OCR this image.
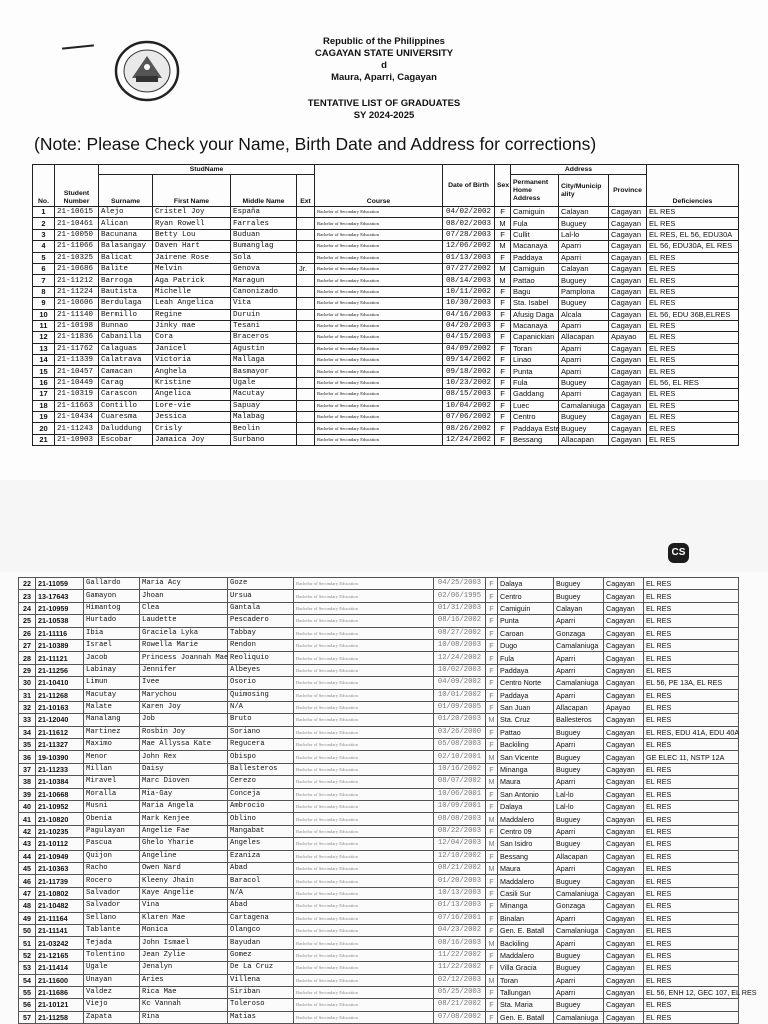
Republic of the Philippines
CAGAYAN STATE UNIVERSITY
d
Maura, Aparri, Cagayan
TENTATIVE LIST OF GRADUATES
SY 2024-2025
(Note: Please Check your Name, Birth Date and Address for corrections)
No.	Student Number	StudName				Course	Date of Birth	Sex	Address			Deficiencies
		Surname	First Name	Middle Name	Ext				Permanent Home Address	City/Municip ality	Province	

1	21-10615	Alejo	Cristel Joy	España		Bachelor of Secondary Education	04/02/2002	F	Camiguin	Calayan	Cagayan	EL RES
2	21-10461	Alican	Ryan Rowell	Farrales		Bachelor of Secondary Education	08/02/2003	M	Fula	Buguey	Cagayan	EL RES
3	21-10050	Bacunana	Betty Lou	Buduan		Bachelor of Secondary Education	07/28/2003	F	Cullit	Lal-lo	Cagayan	EL RES, EL 56, EDU30A
4	21-11066	Balasangay	Daven Hart	Bumanglag		Bachelor of Secondary Education	12/06/2002	M	Macanaya	Aparri	Cagayan	EL 56, EDU30A, EL RES
5	21-10325	Balicat	Jairene Rose	Sola		Bachelor of Secondary Education	01/13/2003	F	Paddaya	Aparri	Cagayan	EL RES
6	21-10686	Balite	Melvin	Genova	Jr.	Bachelor of Secondary Education	07/27/2002	M	Camiguin	Calayan	Cagayan	EL RES
7	21-11212	Barroga	Aga Patrick	Maragun		Bachelor of Secondary Education	08/14/2003	M	Pattao	Buguey	Cagayan	EL RES
8	21-11224	Bautista	Michelle	Canonizado		Bachelor of Secondary Education	10/11/2002	F	Bagu	Pamplona	Cagayan	EL RES
9	21-10606	Berdulaga	Leah Angelica	Vita		Bachelor of Secondary Education	10/30/2003	F	Sta. Isabel	Buguey	Cagayan	EL RES
10	21-11140	Bermillo	Regine	Duruin		Bachelor of Secondary Education	04/16/2003	F	Afusig Daga	Alcala	Cagayan	EL 56, EDU 36B,ELRES
11	21-10198	Bunnao	Jinky mae	Tesani		Bachelor of Secondary Education	04/20/2003	F	Macanaya	Aparri	Cagayan	EL RES
12	21-11836	Cabanilla	Cora	Braceros		Bachelor of Secondary Education	04/15/2003	F	Capanickian	Allacapan	Apayao	EL RES
13	21-11762	Calaguas	Janicel	Agustin		Bachelor of Secondary Education	04/09/2002	F	Toran	Aparri	Cagayan	EL RES
14	21-11339	Calatrava	Victoria	Mallaga		Bachelor of Secondary Education	09/14/2002	F	Linao	Aparri	Cagayan	EL RES
15	21-10457	Camacan	Anghela	Basmayor		Bachelor of Secondary Education	09/18/2002	F	Punta	Aparri	Cagayan	EL RES
16	21-10449	Carag	Kristine	Ugale		Bachelor of Secondary Education	10/23/2002	F	Fula	Buguey	Cagayan	EL 56, EL RES
17	21-10319	Carascon	Angelica	Macutay		Bachelor of Secondary Education	08/15/2003	F	Gaddang	Aparri	Cagayan	EL RES
18	21-11663	Contillo	Lore-vie	Sapuay		Bachelor of Secondary Education	10/04/2002	F	Luec	Camalaniuga	Cagayan	EL RES
19	21-10434	Cuaresma	Jessica	Malabag		Bachelor of Secondary Education	07/06/2002	F	Centro	Buguey	Cagayan	EL RES
20	21-11243	Daluddung	Crisly	Beolin		Bachelor of Secondary Education	08/26/2002	F	Paddaya Este	Buguey	Cagayan	EL RES
21	21-10903	Escobar	Jamaica Joy	Surbano		Bachelor of Secondary Education	12/24/2002	F	Bessang	Allacapan	Cagayan	EL RES
CS
22	21-11059	Gallardo	Maria Acy	Goze	Bachelor of Secondary Education	04/25/2003	F	Dalaya	Buguey	Cagayan	EL RES
23	13-17643	Gamayon	Jhoan	Ursua	Bachelor of Secondary Education	02/06/1995	F	Centro	Buguey	Cagayan	EL RES
24	21-10959	Himantog	Clea	Gantala	Bachelor of Secondary Education	01/31/2003	F	Camiguin	Calayan	Cagayan	EL RES
25	21-10538	Hurtado	Laudette	Pescadero	Bachelor of Secondary Education	08/16/2002	F	Punta	Aparri	Cagayan	EL RES
26	21-11116	Ibia	Graciela Lyka	Tabbay	Bachelor of Secondary Education	08/27/2002	F	Caroan	Gonzaga	Cagayan	EL RES
27	21-10389	Israel	Rowella Marie	Rendon	Bachelor of Secondary Education	10/08/2003	F	Dugo	Camalaniuga	Cagayan	EL RES
28	21-11121	Jacob	Princess Joannah Mae	Reoliquio	Bachelor of Secondary Education	12/24/2002	F	Fula	Aparri	Cagayan	EL RES
29	21-11256	Labinay	Jennifer	Albeyes	Bachelor of Secondary Education	10/02/2003	F	Paddaya	Aparri	Cagayan	EL RES
30	21-10410	Limun	Ivee	Osorio	Bachelor of Secondary Education	04/09/2002	F	Centro Norte	Camalaniuga	Cagayan	EL 56, PE 13A, EL RES
31	21-11268	Macutay	Marychou	Quimosing	Bachelor of Secondary Education	10/01/2002	F	Paddaya	Aparri	Cagayan	EL RES
32	21-10163	Malate	Karen Joy	N/A	Bachelor of Secondary Education	01/09/2005	F	San Juan	Allacapan	Apayao	EL RES
33	21-12040	Manalang	Job	Bruto	Bachelor of Secondary Education	01/20/2003	M	Sta. Cruz	Ballesteros	Cagayan	EL RES
34	21-11612	Martinez	Rosbin Joy	Soriano	Bachelor of Secondary Education	03/26/2000	F	Pattao	Buguey	Cagayan	EL RES, EDU 41A, EDU 40A
35	21-11327	Maximo	Mae Allyssa Kate	Regucera	Bachelor of Secondary Education	05/08/2003	F	Backiling	Aparri	Cagayan	EL RES
36	19-10390	Menor	John Rex	Obispo	Bachelor of Secondary Education	02/10/2001	M	San Vicente	Buguey	Cagayan	GE ELEC 11, NSTP 12A
37	21-11233	Millan	Daisy	Ballesteros	Bachelor of Secondary Education	10/16/2002	F	Minanga	Buguey	Cagayan	EL RES
38	21-10384	Miravel	Marc Dioven	Cerezo	Bachelor of Secondary Education	08/07/2002	M	Maura	Aparri	Cagayan	EL RES
39	21-10668	Moralla	Mia-Gay	Conceja	Bachelor of Secondary Education	10/06/2001	F	San Antonio	Lal-lo	Cagayan	EL RES
40	21-10952	Musni	Maria Angela	Ambrocio	Bachelor of Secondary Education	10/09/2001	F	Dalaya	Lal-lo	Cagayan	EL RES
41	21-10820	Obenia	Mark Kenjee	Oblino	Bachelor of Secondary Education	08/08/2003	M	Maddalero	Buguey	Cagayan	EL RES
42	21-10235	Pagulayan	Angelie Fae	Mangabat	Bachelor of Secondary Education	08/22/2003	F	Centro 09	Aparri	Cagayan	EL RES
43	21-10112	Pascua	Ghelo Yharie	Angeles	Bachelor of Secondary Education	12/04/2003	M	San Isidro	Buguey	Cagayan	EL RES
44	21-10949	Quijon	Angeline	Ezaniza	Bachelor of Secondary Education	12/10/2002	F	Bessang	Allacapan	Cagayan	EL RES
45	21-10363	Racho	Owen Nard	Abad	Bachelor of Secondary Education	08/21/2002	M	Maura	Aparri	Cagayan	EL RES
46	21-11739	Rocero	Kleeny Jhain	Baracol	Bachelor of Secondary Education	01/20/2003	F	Maddalero	Buguey	Cagayan	EL RES
47	21-10802	Salvador	Kaye Angelie	N/A	Bachelor of Secondary Education	10/13/2003	F	Casili Sur	Camalaniuga	Cagayan	EL RES
48	21-10482	Salvador	Vina	Abad	Bachelor of Secondary Education	01/13/2003	F	Minanga	Gonzaga	Cagayan	EL RES
49	21-11164	Sellano	Klaren Mae	Cartagena	Bachelor of Secondary Education	07/16/2001	F	Binalan	Aparri	Cagayan	EL RES
50	21-11141	Tablante	Monica	Olangco	Bachelor of Secondary Education	04/23/2002	F	Gen. E. Batall	Camalaniuga	Cagayan	EL RES
51	21-03242	Tejada	John Ismael	Bayudan	Bachelor of Secondary Education	08/16/2003	M	Backiling	Aparri	Cagayan	EL RES
52	21-12165	Tolentino	Jean Zylie	Gomez	Bachelor of Secondary Education	11/22/2002	F	Maddalero	Buguey	Cagayan	EL RES
53	21-11414	Ugale	Jenalyn	De La Cruz	Bachelor of Secondary Education	11/22/2002	F	Villa Gracia	Buguey	Cagayan	EL RES
54	21-11600	Unayan	Aries	Villena	Bachelor of Secondary Education	02/12/2003	M	Toran	Aparri	Cagayan	EL RES
55	21-11686	Valdez	Rica Mae	Siriban	Bachelor of Secondary Education	05/25/2003	F	Tallungan	Aparri	Cagayan	EL 56, ENH 12, GEC 107, EL RES
56	21-10121	Viejo	Kc Vannah	Toleroso	Bachelor of Secondary Education	08/21/2002	F	Sta. Maria	Buguey	Cagayan	EL RES
57	21-11258	Zapata	Rina	Matias	Bachelor of Secondary Education	07/08/2002	F	Gen. E. Batall	Camalaniuga	Cagayan	EL RES
